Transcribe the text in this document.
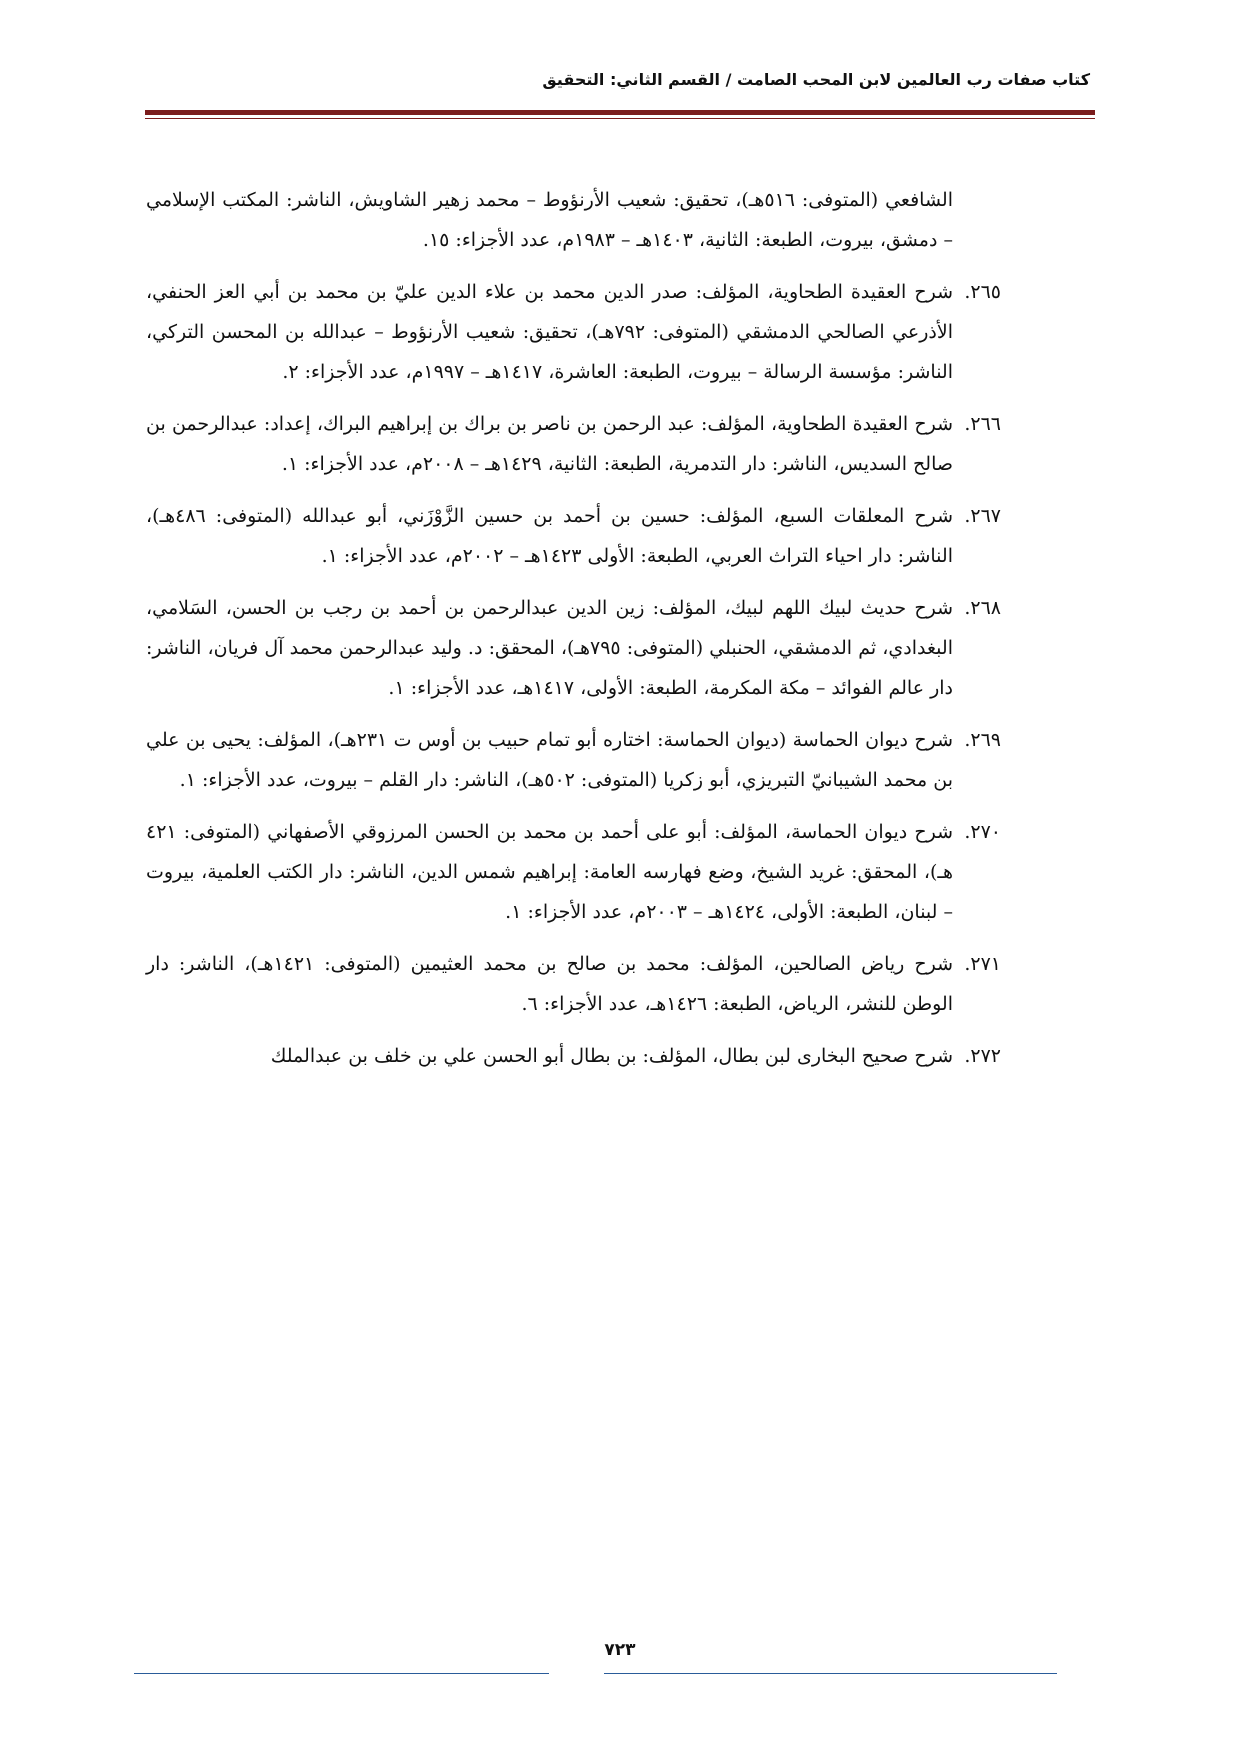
كتاب صفات رب العالمين لابن المحب الصامت / القسم الثاني: التحقيق
الشافعي (المتوفى: ٥١٦هـ)، تحقيق: شعيب الأرنؤوط – محمد زهير الشاويش، الناشر: المكتب الإسلامي – دمشق، بيروت، الطبعة: الثانية، ١٤٠٣هـ – ١٩٨٣م، عدد الأجزاء: ١٥.
٢٦٥.
شرح العقيدة الطحاوية، المؤلف: صدر الدين محمد بن علاء الدين عليّ بن محمد بن أبي العز الحنفي، الأذرعي الصالحي الدمشقي (المتوفى: ٧٩٢هـ)، تحقيق: شعيب الأرنؤوط – عبدالله بن المحسن التركي، الناشر: مؤسسة الرسالة – بيروت، الطبعة: العاشرة، ١٤١٧هـ – ١٩٩٧م، عدد الأجزاء: ٢.
٢٦٦.
شرح العقيدة الطحاوية، المؤلف: عبد الرحمن بن ناصر بن براك بن إبراهيم البراك، إعداد: عبدالرحمن بن صالح السديس، الناشر: دار التدمرية، الطبعة: الثانية، ١٤٢٩هـ – ٢٠٠٨م، عدد الأجزاء: ١.
٢٦٧.
شرح المعلقات السبع، المؤلف: حسين بن أحمد بن حسين الزَّوْزَني، أبو عبدالله (المتوفى: ٤٨٦هـ)، الناشر: دار احياء التراث العربي، الطبعة: الأولى ١٤٢٣هـ – ٢٠٠٢م، عدد الأجزاء: ١.
٢٦٨.
شرح حديث لبيك اللهم لبيك، المؤلف: زين الدين عبدالرحمن بن أحمد بن رجب بن الحسن، السَلامي، البغدادي، ثم الدمشقي، الحنبلي (المتوفى: ٧٩٥هـ)، المحقق: د. وليد عبدالرحمن محمد آل فريان، الناشر: دار عالم الفوائد – مكة المكرمة، الطبعة: الأولى، ١٤١٧هـ، عدد الأجزاء: ١.
٢٦٩.
شرح ديوان الحماسة (ديوان الحماسة: اختاره أبو تمام حبيب بن أوس ت ٢٣١هـ)، المؤلف: يحيى بن علي بن محمد الشيبانيّ التبريزي، أبو زكريا (المتوفى: ٥٠٢هـ)، الناشر: دار القلم – بيروت، عدد الأجزاء: ١.
٢٧٠.
شرح ديوان الحماسة، المؤلف: أبو على أحمد بن محمد بن الحسن المرزوقي الأصفهاني (المتوفى: ٤٢١ هـ)، المحقق: غريد الشيخ، وضع فهارسه العامة: إبراهيم شمس الدين، الناشر: دار الكتب العلمية، بيروت – لبنان، الطبعة: الأولى، ١٤٢٤هـ – ٢٠٠٣م، عدد الأجزاء: ١.
٢٧١.
شرح رياض الصالحين، المؤلف: محمد بن صالح بن محمد العثيمين (المتوفى: ١٤٢١هـ)، الناشر: دار الوطن للنشر، الرياض، الطبعة: ١٤٢٦هـ، عدد الأجزاء: ٦.
٢٧٢.
شرح صحيح البخارى لبن بطال، المؤلف: بن بطال أبو الحسن علي بن خلف بن عبدالملك
٧٢٣
